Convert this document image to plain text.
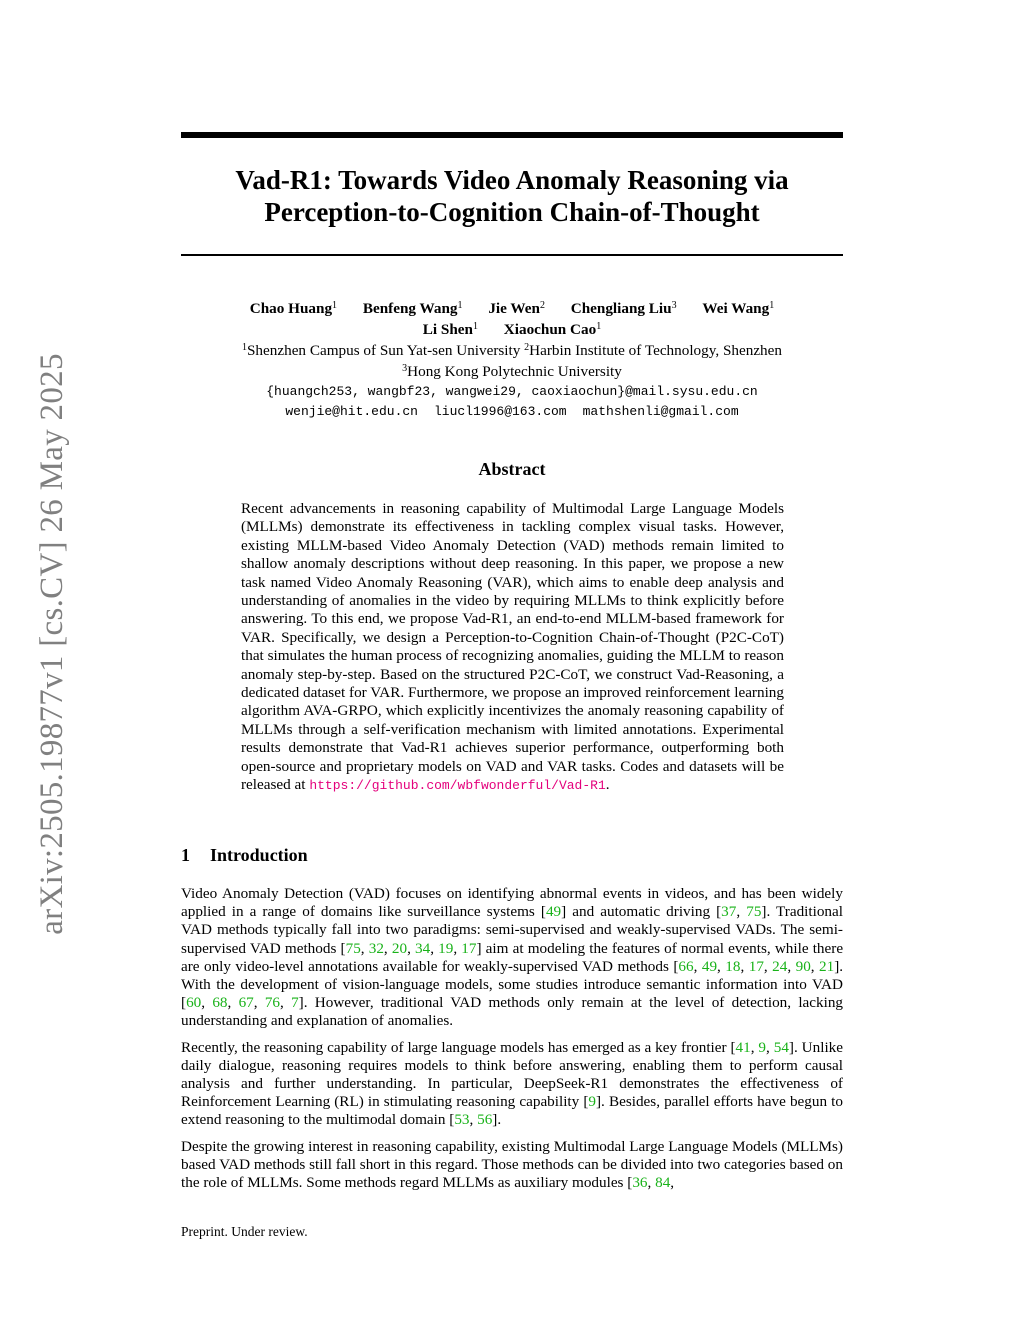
arXiv:2505.19877v1 [cs.CV] 26 May 2025
Vad-R1: Towards Video Anomaly Reasoning via
Perception-to-Cognition Chain-of-Thought
Chao Huang$^1$ Benfeng Wang$^1$ Jie Wen$^2$ Chengliang Liu$^3$ Wei Wang$^1$
Li Shen$^1$ Xiaochun Cao$^1$
$^1$Shenzhen Campus of Sun Yat-sen University $^2$Harbin Institute of Technology, Shenzhen
$^3$Hong Kong Polytechnic University
{huangch253, wangbf23, wangwei29, caoxiaochun}@mail.sysu.edu.cn
wenjie@hit.edu.cn liucl1996@163.com mathshenli@gmail.com
Abstract
Recent advancements in reasoning capability of Multimodal Large Language Models (MLLMs) demonstrate its effectiveness in tackling complex visual tasks. However, existing MLLM-based Video Anomaly Detection (VAD) methods remain limited to shallow anomaly descriptions without deep reasoning. In this paper, we propose a new task named Video Anomaly Reasoning (VAR), which aims to enable deep analysis and understanding of anomalies in the video by requiring MLLMs to think explicitly before answering. To this end, we propose Vad-R1, an end-to-end MLLM-based framework for VAR. Specifically, we design a Perception-to-Cognition Chain-of-Thought (P2C-CoT) that simulates the human process of recognizing anomalies, guiding the MLLM to reason anomaly step-by-step. Based on the structured P2C-CoT, we construct Vad-Reasoning, a dedicated dataset for VAR. Furthermore, we propose an improved reinforcement learning algorithm AVA-GRPO, which explicitly incentivizes the anomaly reasoning capability of MLLMs through a self-verification mechanism with limited annotations. Experimental results demonstrate that Vad-R1 achieves superior performance, outperforming both open-source and proprietary models on VAD and VAR tasks. Codes and datasets will be released at https://github.com/wbfwonderful/Vad-R1.
1 Introduction

Video Anomaly Detection (VAD) focuses on identifying abnormal events in videos, and has been widely applied in a range of domains like surveillance systems [49] and automatic driving [37, 75]. Traditional VAD methods typically fall into two paradigms: semi-supervised and weakly-supervised VADs. The semi-supervised VAD methods [75, 32, 20, 34, 19, 17] aim at modeling the features of normal events, while there are only video-level annotations available for weakly-supervised VAD methods [66, 49, 18, 17, 24, 90, 21]. With the development of vision-language models, some studies introduce semantic information into VAD [60, 68, 67, 76, 7]. However, traditional VAD methods only remain at the level of detection, lacking understanding and explanation of anomalies.

Recently, the reasoning capability of large language models has emerged as a key frontier [41, 9, 54]. Unlike daily dialogue, reasoning requires models to think before answering, enabling them to perform causal analysis and further understanding. In particular, DeepSeek-R1 demonstrates the effectiveness of Reinforcement Learning (RL) in stimulating reasoning capability [9]. Besides, parallel efforts have begun to extend reasoning to the multimodal domain [53, 56].

Despite the growing interest in reasoning capability, existing Multimodal Large Language Models (MLLMs) based VAD methods still fall short in this regard. Those methods can be divided into two categories based on the role of MLLMs. Some methods regard MLLMs as auxiliary modules [36, 84,

Preprint. Under review.
